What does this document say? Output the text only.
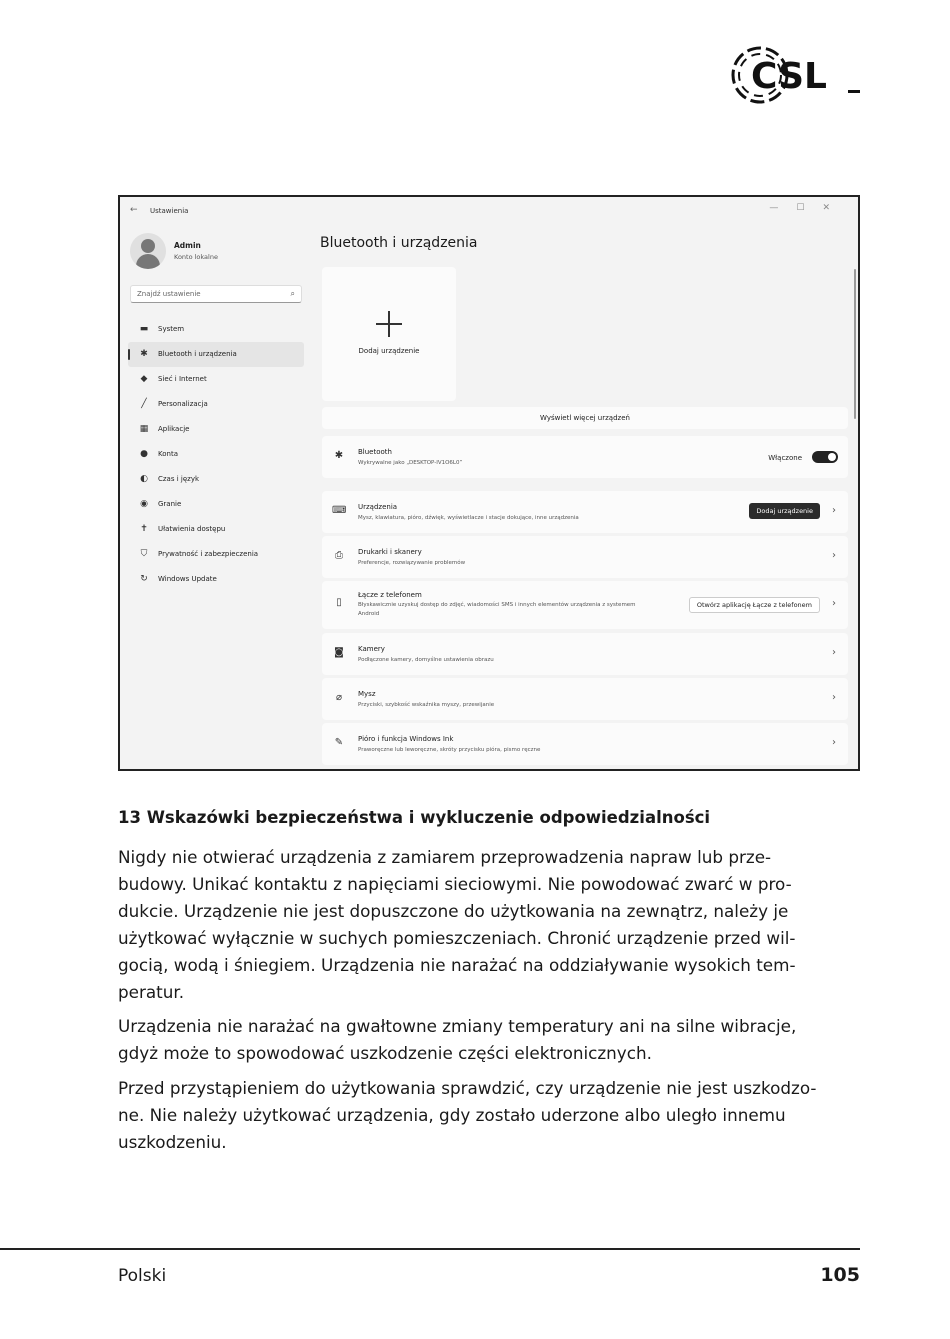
CSL
← Ustawienia	—☐✕
Admin
Konto lokalne
Znajdź ustawienie	⌕
▬	System
✱	Bluetooth i urządzenia
◆	Sieć i Internet
╱	Personalizacja
▦	Aplikacje
●	Konta
◐	Czas i język
◉	Granie
✝	Ułatwienia dostępu
⛉	Prywatność i zabezpieczenia
↻	Windows Update
Bluetooth i urządzenia
Dodaj urządzenie
Wyświetl więcej urządzeń
✱	Bluetooth
Wykrywalne jako „DESKTOP-IV1O6L0”
Włączone
⌨ Urządzenia
Mysz, klawiatura, pióro, dźwięk, wyświetlacze i stacje dokujące, inne urządzenia
Dodaj urządzenie	›
⎙	Drukarki i skanery
Preferencje, rozwiązywanie problemów
›
▯
Łącze z telefonem
Błyskawicznie uzyskuj dostęp do zdjęć, wiadomości SMS i innych elementów urządzenia z systemem Android
Otwórz aplikację Łącze z telefonem	›
◙	Kamery
Podłączone kamery, domyślne ustawienia obrazu
›
⌀	Mysz
Przyciski, szybkość wskaźnika myszy, przewijanie
›
✎	Pióro i funkcja Windows Ink
Praworęczne lub leworęczne, skróty przycisku pióra, pismo ręczne
›
13 Wskazówki bezpieczeństwa i wykluczenie odpowiedzialności

Nigdy nie otwierać urządzenia z zamiarem przeprowadzenia napraw lub prze-
budowy. Unikać kontaktu z napięciami sieciowymi. Nie powodować zwarć w pro-
dukcie. Urządzenie nie jest dopuszczone do użytkowania na zewnątrz, należy je
użytkować wyłącznie w suchych pomieszczeniach. Chronić urządzenie przed wil-
gocią, wodą i śniegiem. Urządzenia nie narażać na oddziaływanie wysokich tem-
peratur.

Urządzenia nie narażać na gwałtowne zmiany temperatury ani na silne wibracje,
gdyż może to spowodować uszkodzenie części elektronicznych.

Przed przystąpieniem do użytkowania sprawdzić, czy urządzenie nie jest uszkodzo-
ne. Nie należy użytkować urządzenia, gdy zostało uderzone albo uległo innemu
uszkodzeniu.

Polski	105
